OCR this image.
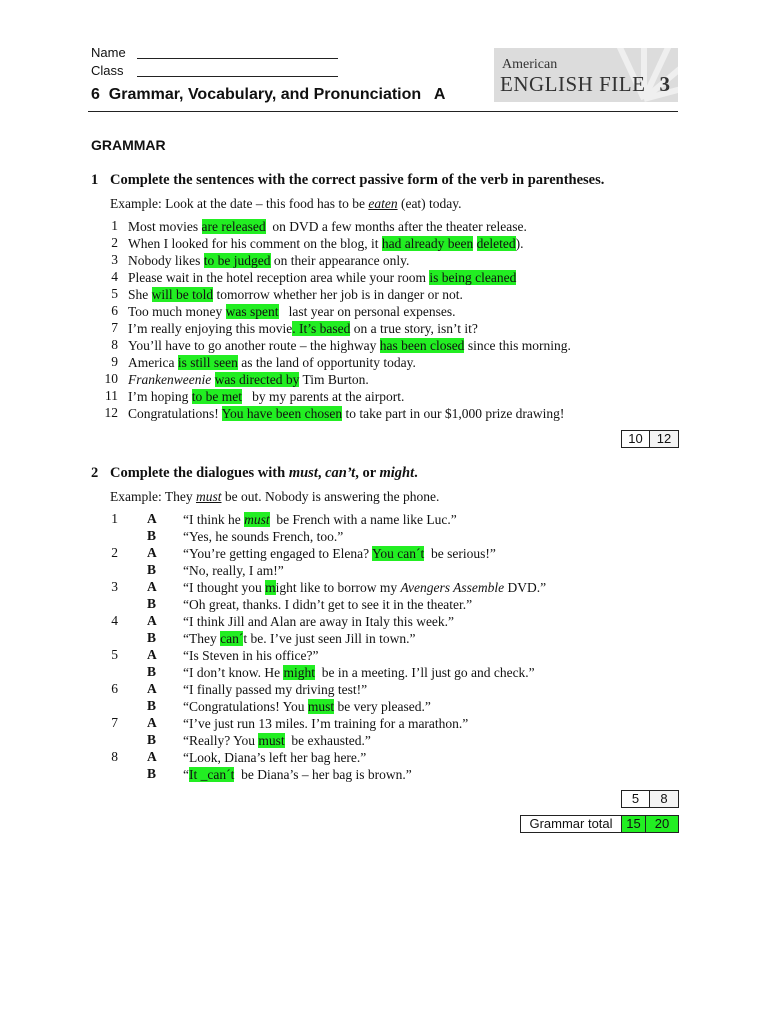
Name
Class
6  Grammar, Vocabulary, and Pronunciation   A
American
ENGLISH FILE 3
GRAMMAR
1 Complete the sentences with the correct passive form of the verb in parentheses.
Example: Look at the date – this food has to be eaten (eat) today.
1 Most movies are released  on DVD a few months after the theater release.
2 When I looked for his comment on the blog, it had already been deleted).
3 Nobody likes to be judged on their appearance only.
4 Please wait in the hotel reception area while your room is being cleaned
5 She will be told tomorrow whether her job is in danger or not.
6 Too much money was spent   last year on personal expenses.
7 I’m really enjoying this movie. It’s based on a true story, isn’t it?
8 You’ll have to go another route – the highway has been closed since this morning.
9 America is still seen as the land of opportunity today.
10 Frankenweenie was directed by Tim Burton.
11 I’m hoping to be met   by my parents at the airport.
12 Congratulations! You have been chosen to take part in our $1,000 prize drawing!
10	12
2 Complete the dialogues with must, can’t, or might.
Example: They must be out. Nobody is answering the phone.
1 A “I think he must  be French with a name like Luc.”
B “Yes, he sounds French, too.”
2 A “You’re getting engaged to Elena? You can´t  be serious!”
B “No, really, I am!”
3 A “I thought you might like to borrow my Avengers Assemble DVD.”
B “Oh great, thanks. I didn’t get to see it in the theater.”
4 A “I think Jill and Alan are away in Italy this week.”
B “They can´t be. I’ve just seen Jill in town.”
5 A “Is Steven in his office?”
B “I don’t know. He might  be in a meeting. I’ll just go and check.”
6 A “I finally passed my driving test!”
B “Congratulations! You must be very pleased.”
7 A “I’ve just run 13 miles. I’m training for a marathon.”
B “Really? You must  be exhausted.”
8 A “Look, Diana’s left her bag here.”
B “It _can´t  be Diana’s – her bag is brown.”
5	8
Grammar total	15	20
